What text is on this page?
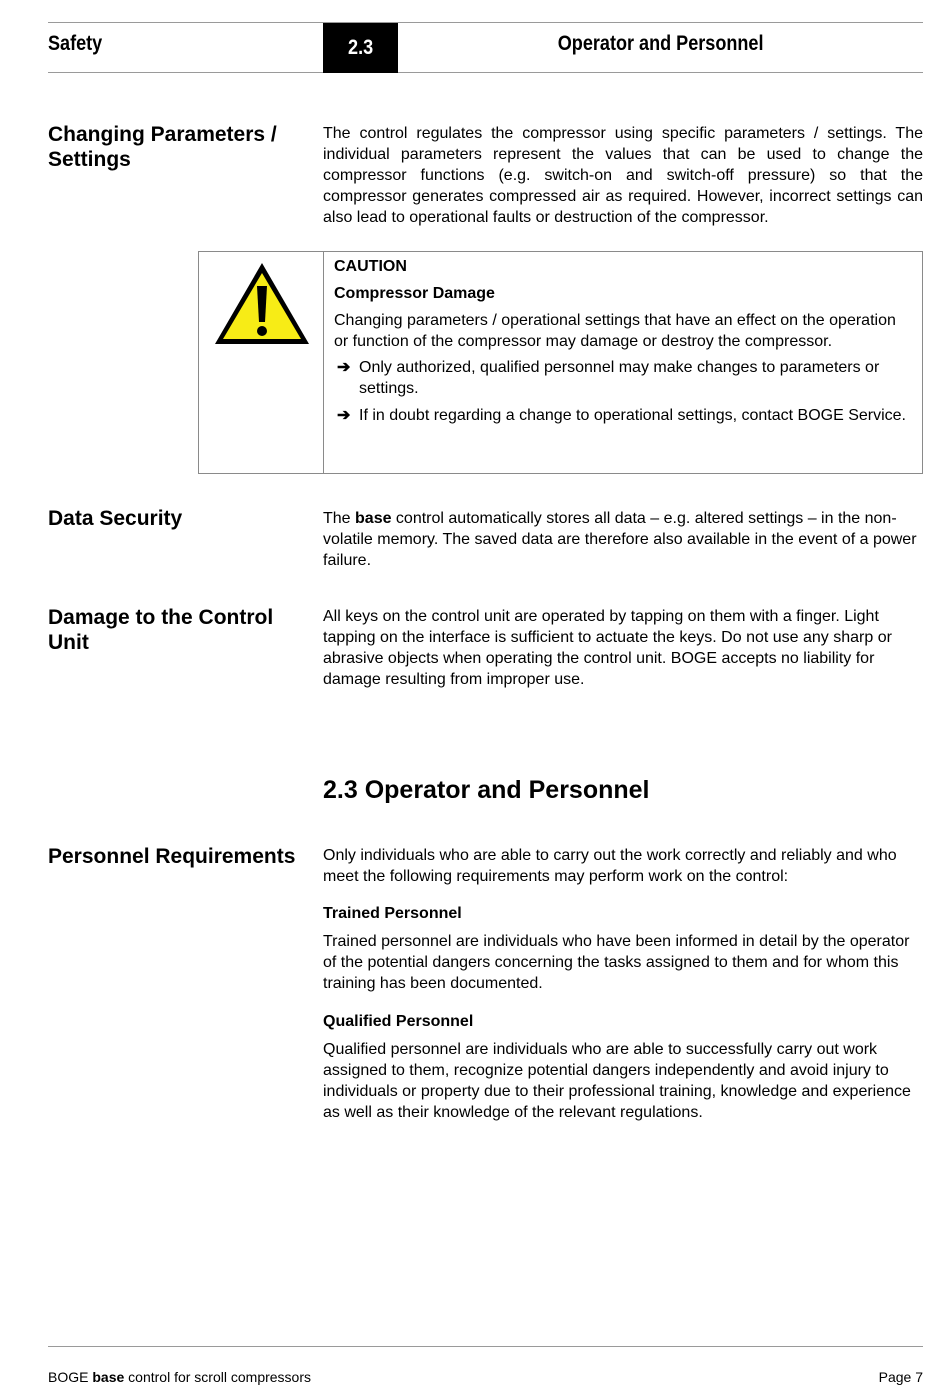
Safety	2.3	Operator and Personnel
Changing Parameters / Settings

The control regulates the compressor using specific parameters / settings. The individual parameters represent the values that can be used to change the compressor functions (e.g. switch-on and switch-off pressure) so that the compressor generates compressed air as required. However, incorrect settings can also lead to operational faults or destruction of the compressor.

CAUTION

Compressor Damage

Changing parameters / operational settings that have an effect on the operation or function of the compressor may damage or destroy the compressor.

➔ Only authorized, qualified personnel may make changes to parameters or settings.
➔ If in doubt regarding a change to operational settings, contact BOGE Service.
Data Security	The base control automatically stores all data – e.g. altered settings – in the non-volatile memory. The saved data are therefore also available in the event of a power failure.

Damage to the Control Unit

All keys on the control unit are operated by tapping on them with a finger. Light tapping on the interface is sufficient to actuate the keys. Do not use any sharp or abrasive objects when operating the control unit. BOGE accepts no liability for damage resulting from improper use.

2.3 Operator and Personnel
Personnel Requirements	Only individuals who are able to carry out the work correctly and reliably and who meet the following requirements may perform work on the control:

Trained Personnel

Trained personnel are individuals who have been informed in detail by the operator of the potential dangers concerning the tasks assigned to them and for whom this training has been documented.

Qualified Personnel

Qualified personnel are individuals who are able to successfully carry out work assigned to them, recognize potential dangers independently and avoid injury to individuals or property due to their professional training, knowledge and experience as well as their knowledge of the relevant regulations.

BOGE base control for scroll compressors	Page 7
